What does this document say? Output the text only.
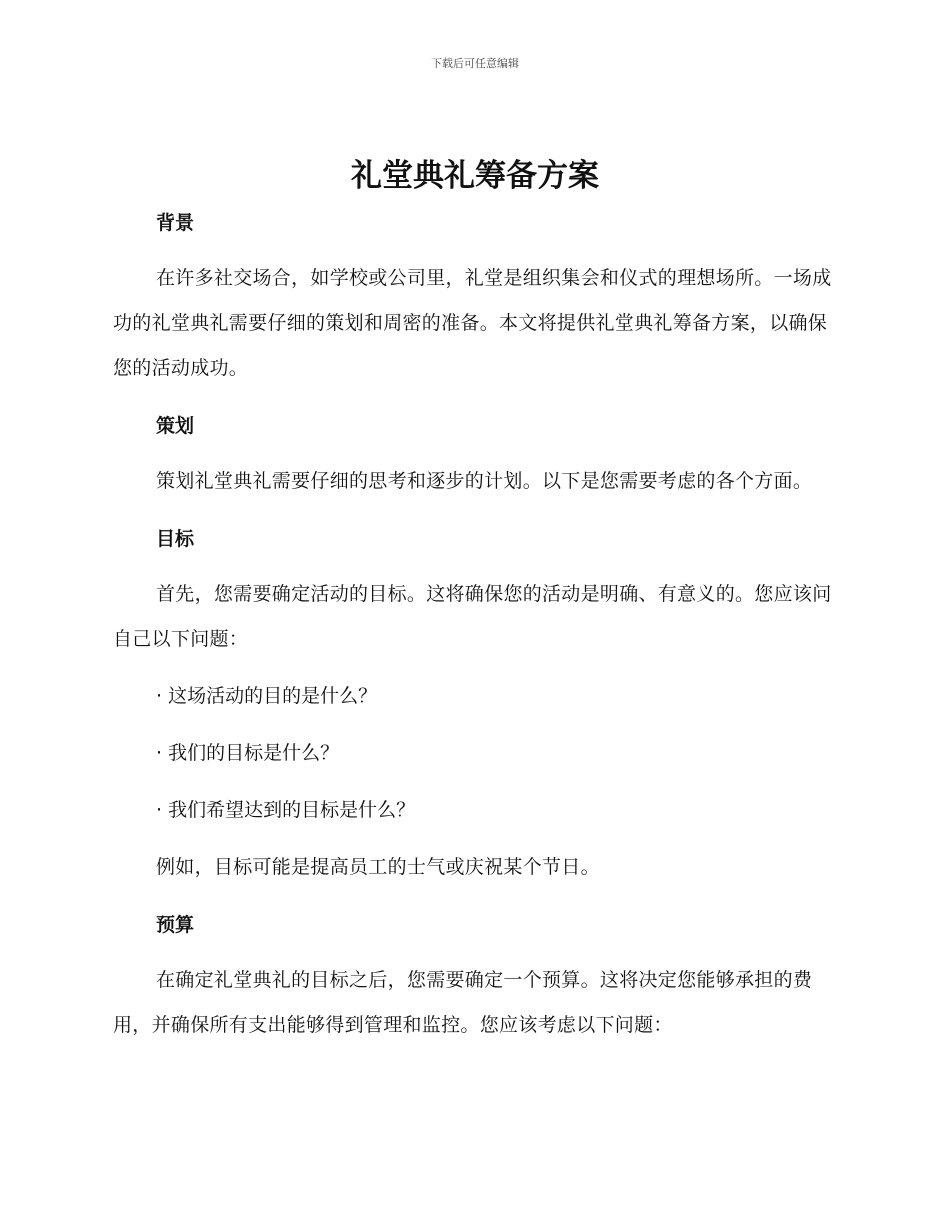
下载后可任意编辑
礼堂典礼筹备方案
背景

在许多社交场合，如学校或公司里，礼堂是组织集会和仪式的理想场所。一场成功的礼堂典礼需要仔细的策划和周密的准备。本文将提供礼堂典礼筹备方案，以确保您的活动成功。

策划

策划礼堂典礼需要仔细的思考和逐步的计划。以下是您需要考虑的各个方面。

目标

首先，您需要确定活动的目标。这将确保您的活动是明确、有意义的。您应该问自己以下问题：

· 这场活动的目的是什么？

· 我们的目标是什么？

· 我们希望达到的目标是什么？

例如，目标可能是提高员工的士气或庆祝某个节日。

预算

在确定礼堂典礼的目标之后，您需要确定一个预算。这将决定您能够承担的费用，并确保所有支出能够得到管理和监控。您应该考虑以下问题：
